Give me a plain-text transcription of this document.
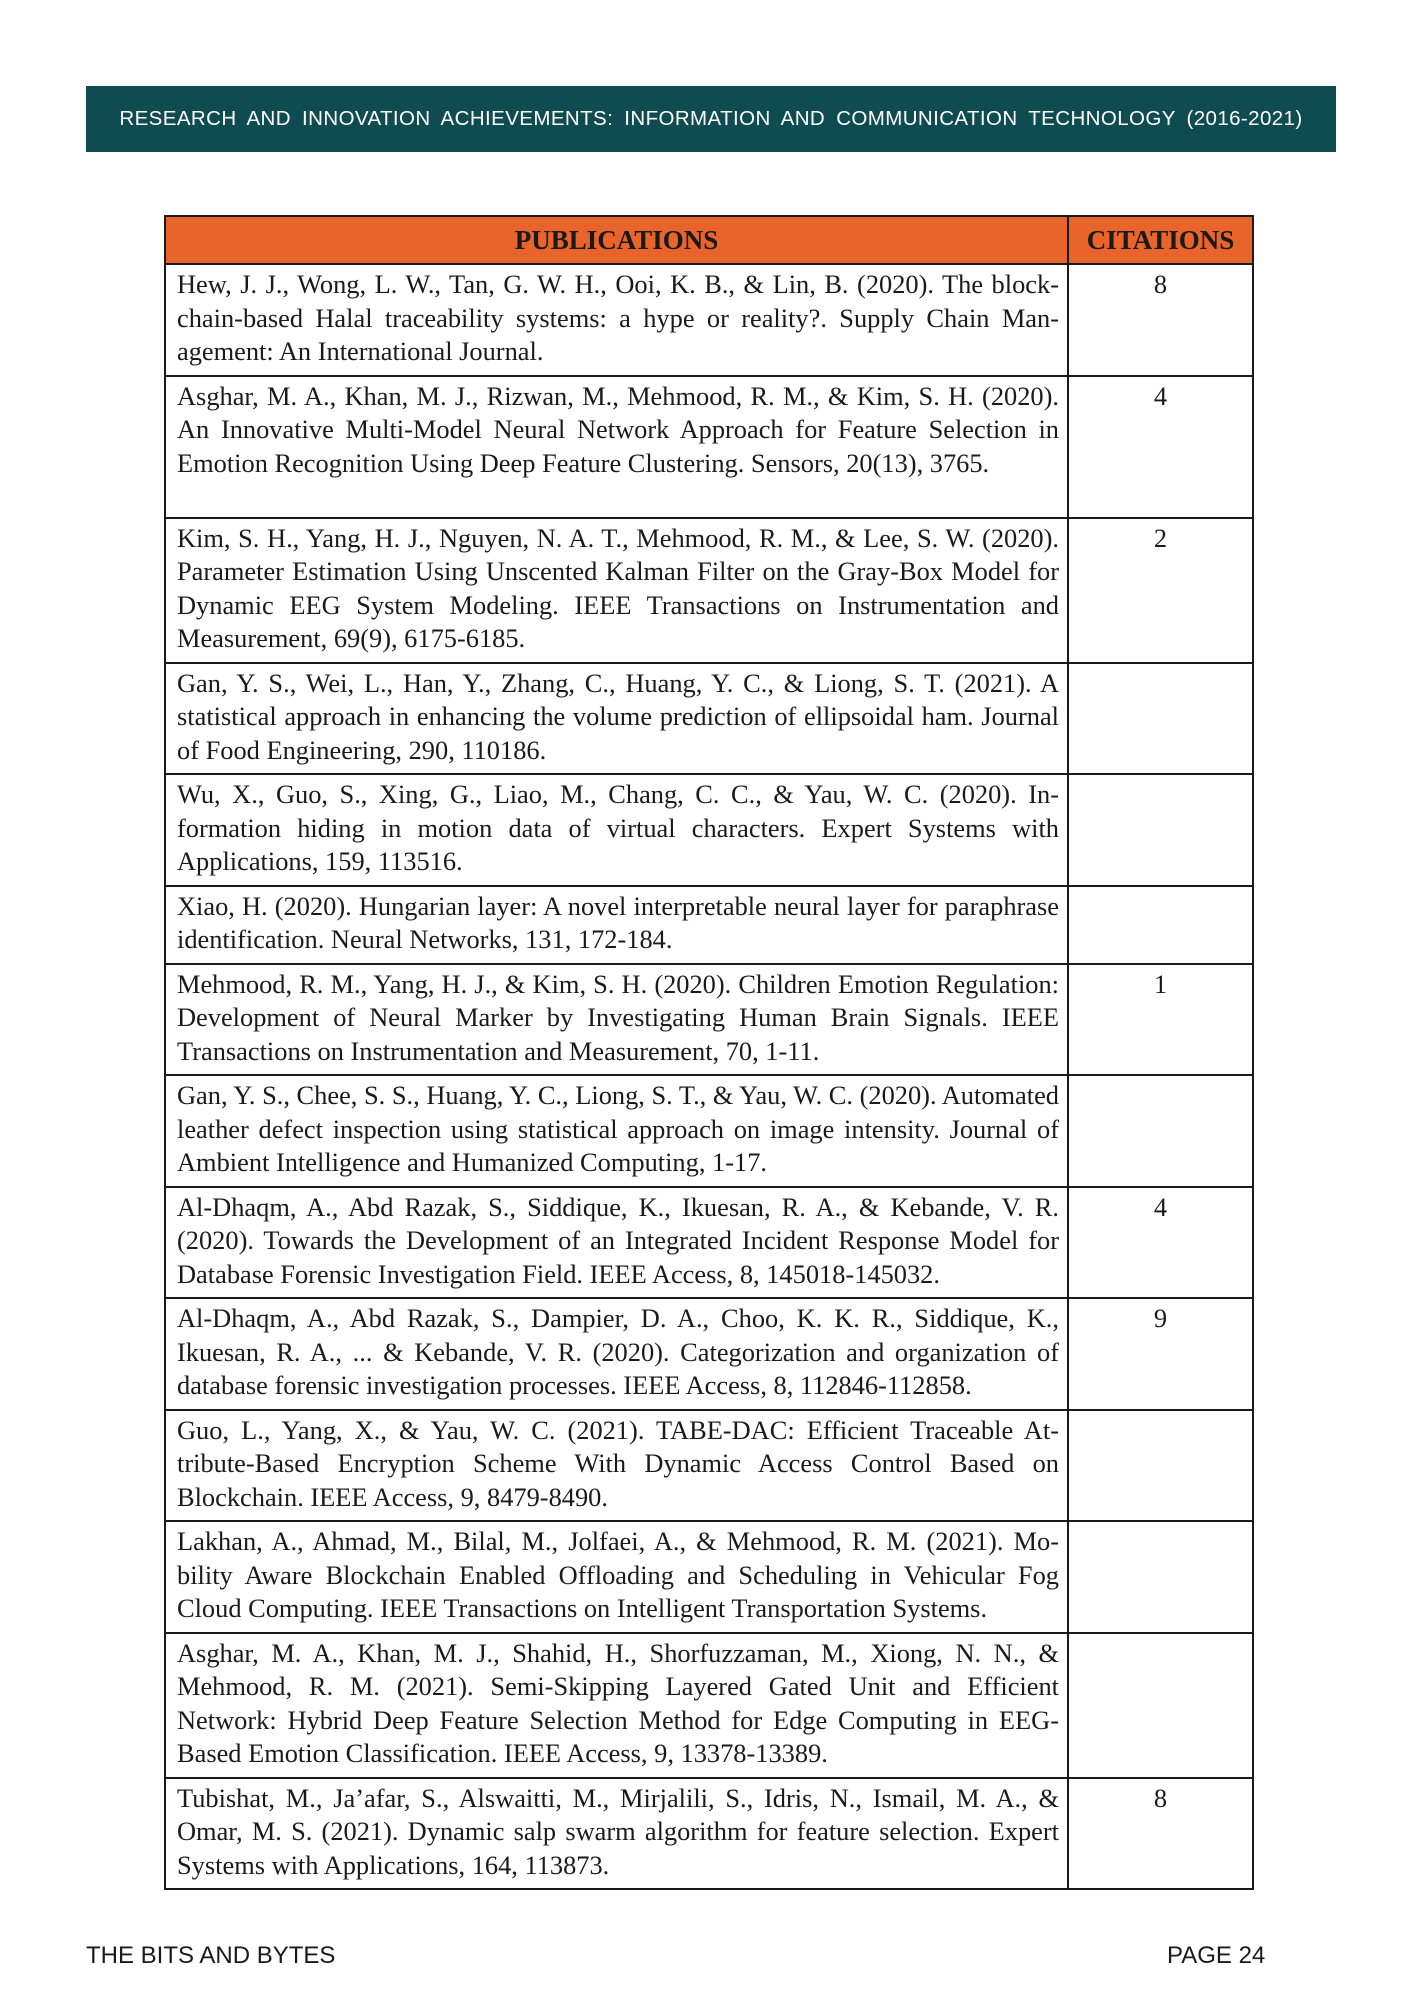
RESEARCH AND INNOVATION ACHIEVEMENTS: INFORMATION AND COMMUNICATION TECHNOLOGY (2016-2021)
PUBLICATIONS	CITATIONS
Hew, J. J., Wong, L. W., Tan, G. W. H., Ooi, K. B., & Lin, B. (2020). The blockchain-based Halal traceability systems: a hype or reality?. Supply Chain Management: An International Journal.	8
Asghar, M. A., Khan, M. J., Rizwan, M., Mehmood, R. M., & Kim, S. H. (2020). An Innovative Multi-Model Neural Network Approach for Feature Selection in Emotion Recognition Using Deep Feature Clustering. Sensors, 20(13), 3765.	4
Kim, S. H., Yang, H. J., Nguyen, N. A. T., Mehmood, R. M., & Lee, S. W. (2020). Parameter Estimation Using Unscented Kalman Filter on the Gray-Box Model for Dynamic EEG System Modeling. IEEE Transactions on Instrumentation and Measurement, 69(9), 6175-6185.	2
Gan, Y. S., Wei, L., Han, Y., Zhang, C., Huang, Y. C., & Liong, S. T. (2021). A statistical approach in enhancing the volume prediction of ellipsoidal ham. Journal of Food Engineering, 290, 110186.	
Wu, X., Guo, S., Xing, G., Liao, M., Chang, C. C., & Yau, W. C. (2020). Information hiding in motion data of virtual characters. Expert Systems with Applications, 159, 113516.	
Xiao, H. (2020). Hungarian layer: A novel interpretable neural layer for paraphrase identification. Neural Networks, 131, 172-184.	
Mehmood, R. M., Yang, H. J., & Kim, S. H. (2020). Children Emotion Regulation: Development of Neural Marker by Investigating Human Brain Signals. IEEE Transactions on Instrumentation and Measurement, 70, 1-11.	1
Gan, Y. S., Chee, S. S., Huang, Y. C., Liong, S. T., & Yau, W. C. (2020). Automated leather defect inspection using statistical approach on image intensity. Journal of Ambient Intelligence and Humanized Computing, 1-17.	
Al-Dhaqm, A., Abd Razak, S., Siddique, K., Ikuesan, R. A., & Kebande, V. R. (2020). Towards the Development of an Integrated Incident Response Model for Database Forensic Investigation Field. IEEE Access, 8, 145018-145032.	4
Al-Dhaqm, A., Abd Razak, S., Dampier, D. A., Choo, K. K. R., Siddique, K., Ikuesan, R. A., ... & Kebande, V. R. (2020). Categorization and organization of database forensic investigation processes. IEEE Access, 8, 112846-112858.	9
Guo, L., Yang, X., & Yau, W. C. (2021). TABE-DAC: Efficient Traceable Attribute-Based Encryption Scheme With Dynamic Access Control Based on Blockchain. IEEE Access, 9, 8479-8490.	
Lakhan, A., Ahmad, M., Bilal, M., Jolfaei, A., & Mehmood, R. M. (2021). Mobility Aware Blockchain Enabled Offloading and Scheduling in Vehicular Fog Cloud Computing. IEEE Transactions on Intelligent Transportation Systems.	
Asghar, M. A., Khan, M. J., Shahid, H., Shorfuzzaman, M., Xiong, N. N., & Mehmood, R. M. (2021). Semi-Skipping Layered Gated Unit and Efficient Network: Hybrid Deep Feature Selection Method for Edge Computing in EEG-Based Emotion Classification. IEEE Access, 9, 13378-13389.	
Tubishat, M., Ja’afar, S., Alswaitti, M., Mirjalili, S., Idris, N., Ismail, M. A., & Omar, M. S. (2021). Dynamic salp swarm algorithm for feature selection. Expert Systems with Applications, 164, 113873.	8
THE BITS AND BYTES	PAGE 24
